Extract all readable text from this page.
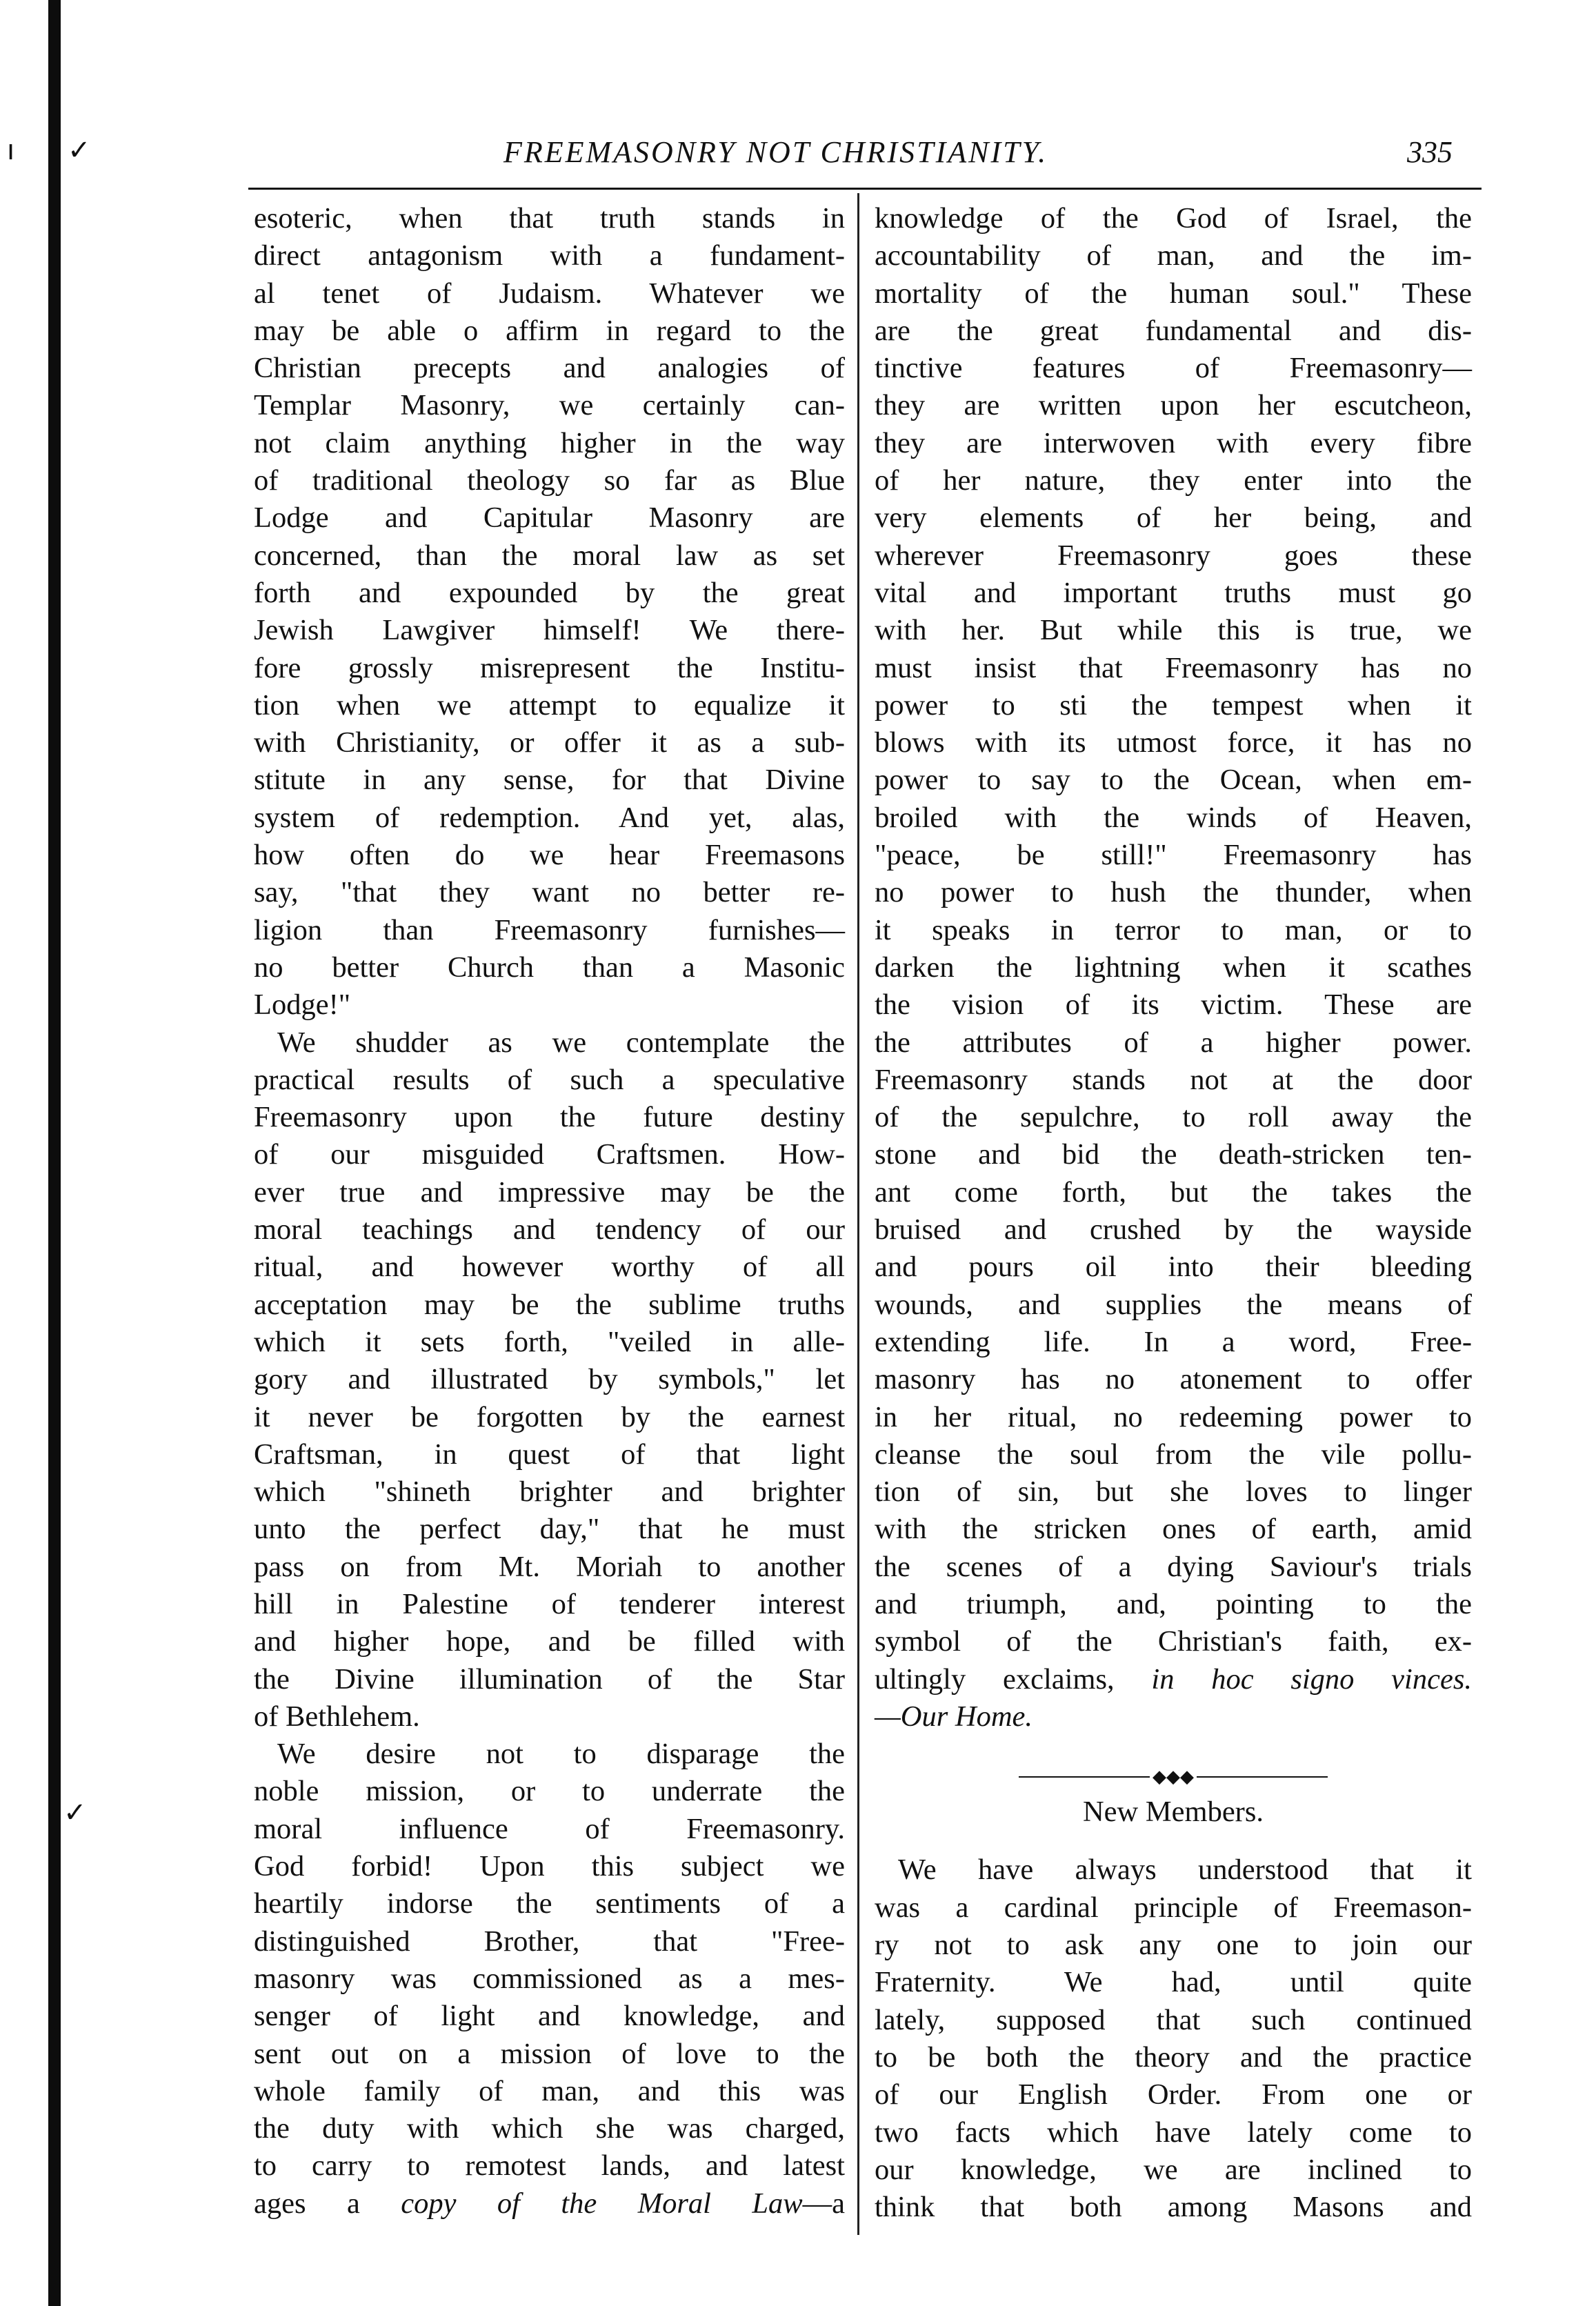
ı ✓
✓
FREEMASONRY NOT CHRISTIANITY.	335
esoteric, when that truth stands in
direct antagonism with a fundament-
al tenet of Judaism. Whatever we
may be able o affirm in regard to the
Christian precepts and analogies of
Templar Masonry, we certainly can-
not claim anything higher in the way
of traditional theology so far as Blue
Lodge and Capitular Masonry are
concerned, than the moral law as set
forth and expounded by the great
Jewish Lawgiver himself! We there-
fore grossly misrepresent the Institu-
tion when we attempt to equalize it
with Christianity, or offer it as a sub-
stitute in any sense, for that Divine
system of redemption. And yet, alas,
how often do we hear Freemasons
say, "that they want no better re-
ligion than Freemasonry furnishes—
no better Church than a Masonic
Lodge!"
We shudder as we contemplate the
practical results of such a speculative
Freemasonry upon the future destiny
of our misguided Craftsmen. How-
ever true and impressive may be the
moral teachings and tendency of our
ritual, and however worthy of all
acceptation may be the sublime truths
which it sets forth, "veiled in alle-
gory and illustrated by symbols," let
it never be forgotten by the earnest
Craftsman, in quest of that light
which "shineth brighter and brighter
unto the perfect day," that he must
pass on from Mt. Moriah to another
hill in Palestine of tenderer interest
and higher hope, and be filled with
the Divine illumination of the Star
of Bethlehem.
We desire not to disparage the
noble mission, or to underrate the
moral influence of Freemasonry.
God forbid! Upon this subject we
heartily indorse the sentiments of a
distinguished Brother, that "Free-
masonry was commissioned as a mes-
senger of light and knowledge, and
sent out on a mission of love to the
whole family of man, and this was
the duty with which she was charged,
to carry to remotest lands, and latest
ages a copy of the Moral Law—a
knowledge of the God of Israel, the
accountability of man, and the im-
mortality of the human soul." These
are the great fundamental and dis-
tinctive features of Freemasonry—
they are written upon her escutcheon,
they are interwoven with every fibre
of her nature, they enter into the
very elements of her being, and
wherever Freemasonry goes these
vital and important truths must go
with her. But while this is true, we
must insist that Freemasonry has no
power to sti the tempest when it
blows with its utmost force, it has no
power to say to the Ocean, when em-
broiled with the winds of Heaven,
"peace, be still!" Freemasonry has
no power to hush the thunder, when
it speaks in terror to man, or to
darken the lightning when it scathes
the vision of its victim. These are
the attributes of a higher power.
Freemasonry stands not at the door
of the sepulchre, to roll away the
stone and bid the death-stricken ten-
ant come forth, but the takes the
bruised and crushed by the wayside
and pours oil into their bleeding
wounds, and supplies the means of
extending life. In a word, Free-
masonry has no atonement to offer
in her ritual, no redeeming power to
cleanse the soul from the vile pollu-
tion of sin, but she loves to linger
with the stricken ones of earth, amid
the scenes of a dying Saviour's trials
and triumph, and, pointing to the
symbol of the Christian's faith, ex-
ultingly exclaims, in hoc signo vinces.
—Our Home.
◆◆◆
New Members.
We have always understood that it
was a cardinal principle of Freemason-
ry not to ask any one to join our
Fraternity. We had, until quite
lately, supposed that such continued
to be both the theory and the practice
of our English Order. From one or
two facts which have lately come to
our knowledge, we are inclined to
think that both among Masons and
